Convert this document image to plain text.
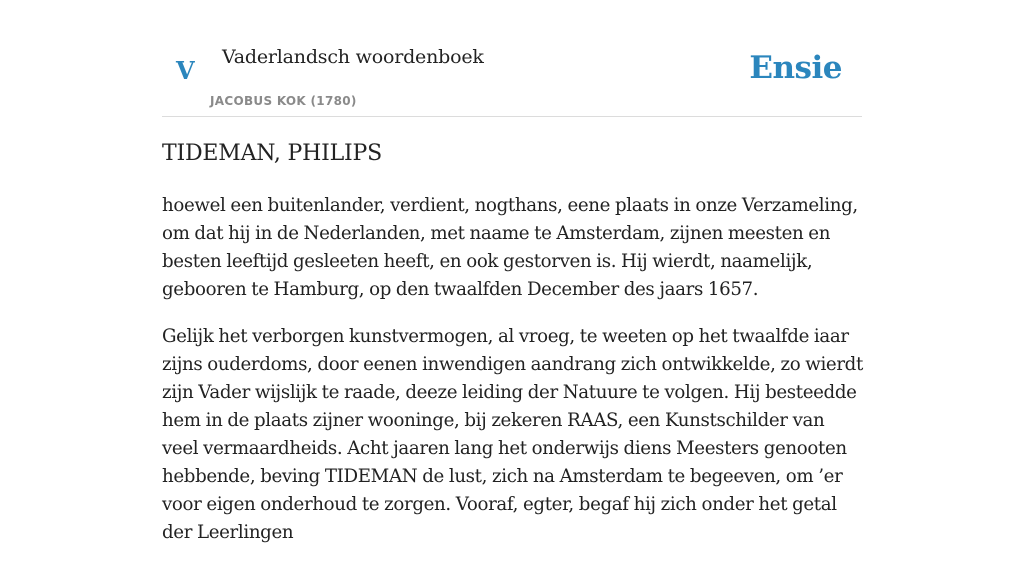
V Vaderlandsch woordenboek
JACOBUS KOK (1780)
Ensie
TIDEMAN, PHILIPS

hoewel een buitenlander, verdient, nogthans, eene plaats in onze Verzameling, om dat hij in de Nederlanden, met naame te Amsterdam, zijnen meesten en besten leeftijd gesleeten heeft, en ook gestorven is. Hij wierdt, naamelijk, gebooren te Hamburg, op den twaalfden December des jaars 1657.

Gelijk het verborgen kunstvermogen, al vroeg, te weeten op het twaalfde iaar zijns ouderdoms, door eenen inwendigen aandrang zich ontwikkelde, zo wierdt zijn Vader wijslijk te raade, deeze leiding der Natuure te volgen. Hij besteedde hem in de plaats zijner wooninge, bij zekeren RAAS, een Kunstschilder van veel vermaardheids. Acht jaaren lang het onderwijs diens Meesters genooten hebbende, beving TIDEMAN de lust, zich na Amsterdam te begeeven, om ’er voor eigen onderhoud te zorgen. Vooraf, egter, begaf hij zich onder het getal der Leerlingen
